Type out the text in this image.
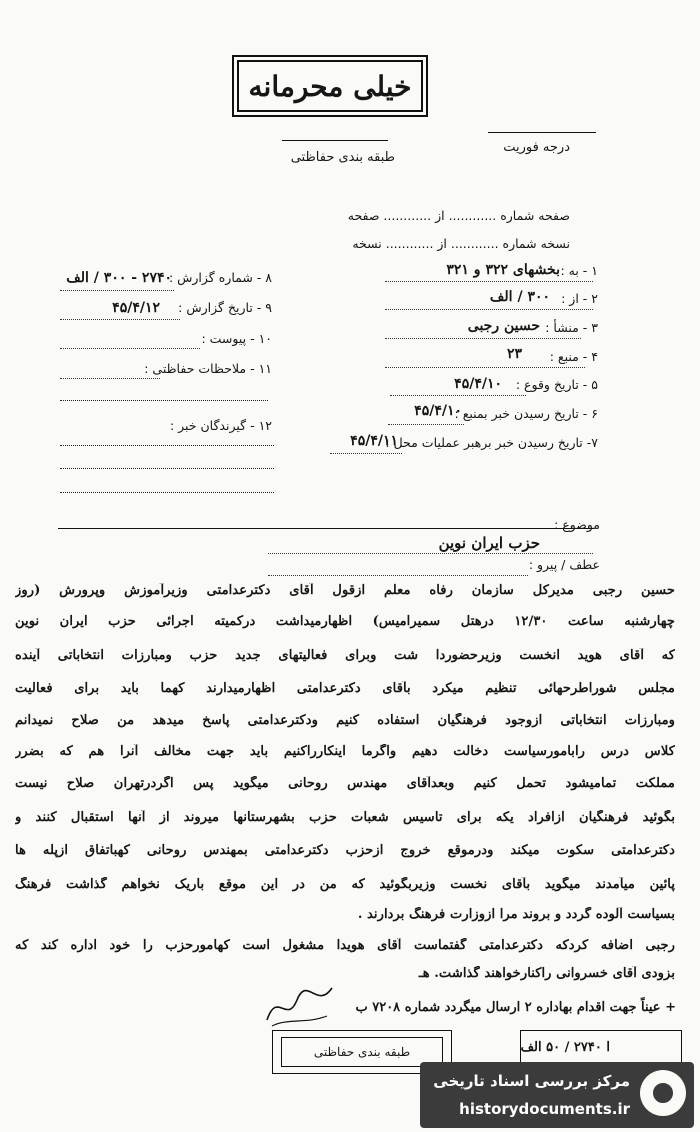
خیلی محرمانه
درجه فوریت
طبقه بندی حفاظتی
صفحه شماره ............ از ............ صفحه
نسخه شماره ............ از ............ نسخه
۱ - به :
بخشهای ۳۲۲ و ۳۲۱
۲ - از :
۳۰۰ / الف
۳ - منشأ :
حسین رجبی
۴ - منبع :
۲۳
۵ - تاریخ وقوع :
۴۵/۴/۱۰
۶ - تاریخ رسیدن خبر بمنبع :
۴۵/۴/۱۰
۷- تاریخ رسیدن خبر برهبر عملیات محل :
۴۵/۴/۱۱
۸ - شماره گزارش :
۲۷۴۰ - ۳۰۰ / الف
۹ - تاریخ گزارش :
۴۵/۴/۱۲
۱۰ - پیوست :
۱۱ - ملاحظات حفاظتی :
۱۲ - گیرندگان خبر :
موضوع :
حزب ایران نوین
عطف / پیرو :
حسین رجبی مدیرکل سازمان رفاه معلم ازقول آقای دکترعدامتی وزیرآموزش وپرورش (روز
چهارشنبه ساعت ۱۲/۳۰ درهتل سمیرامیس) اظهارمیداشت درکمیته اجرائی حزب ایران نوین
که آقای هوید انخست وزیرحضوردا شت وبرای فعالیتهای جدید حزب ومبارزات انتخاباتی آینده
مجلس شوراطرحهائی تنظیم میکرد بآقای دکترعدامتی اظهارمیدارند کهما باید برای فعالیت
ومبارزات انتخاباتی ازوجود فرهنگیان استفاده کنیم ودکترعدامتی پاسخ میدهد من صلاح نمیدانم
کلاس درس رابامورسیاست دخالت دهیم واگرما اینکارراکنیم باید جهت مخالف آنرا هم که بضرر
مملکت تمامیشود تحمل کنیم وبعدآقای مهندس روحانی میگوید پس اگردرتهران صلاح نیست
بگوئید فرهنگیان ازافراد یکه برای تاسیس شعبات حزب بشهرستانها میروند از آنها استقبال کنند و
دکترعدامتی سکوت میکند ودرموقع خروج ازحزب دکترعدامتی بمهندس روحانی کهباتفاق ازپله ها
پائین میآمدند میگوید بآقای نخست وزیربگوئید که من در این موقع باریک نخواهم گذاشت فرهنگ
بسیاست آلوده گردد و بروند مرا ازوزارت فرهنگ بردارند .
رجبی اضافه کردکه دکترعدامتی گفتماست آقای هویدا مشغول است کهامورحزب را خود اداره کند که
بزودی آقای خسروانی راکنارخواهند گذاشت. هـ
+ عیناً جهت اقدام بهاداره ۲ ارسال میگردد شماره ۷۲۰۸ ب
طبقه بندی حفاظتی	ا ۲۷۴۰ / ۵۰ الف
مرکز بررسی اسناد تاریخی
historydocuments.ir
